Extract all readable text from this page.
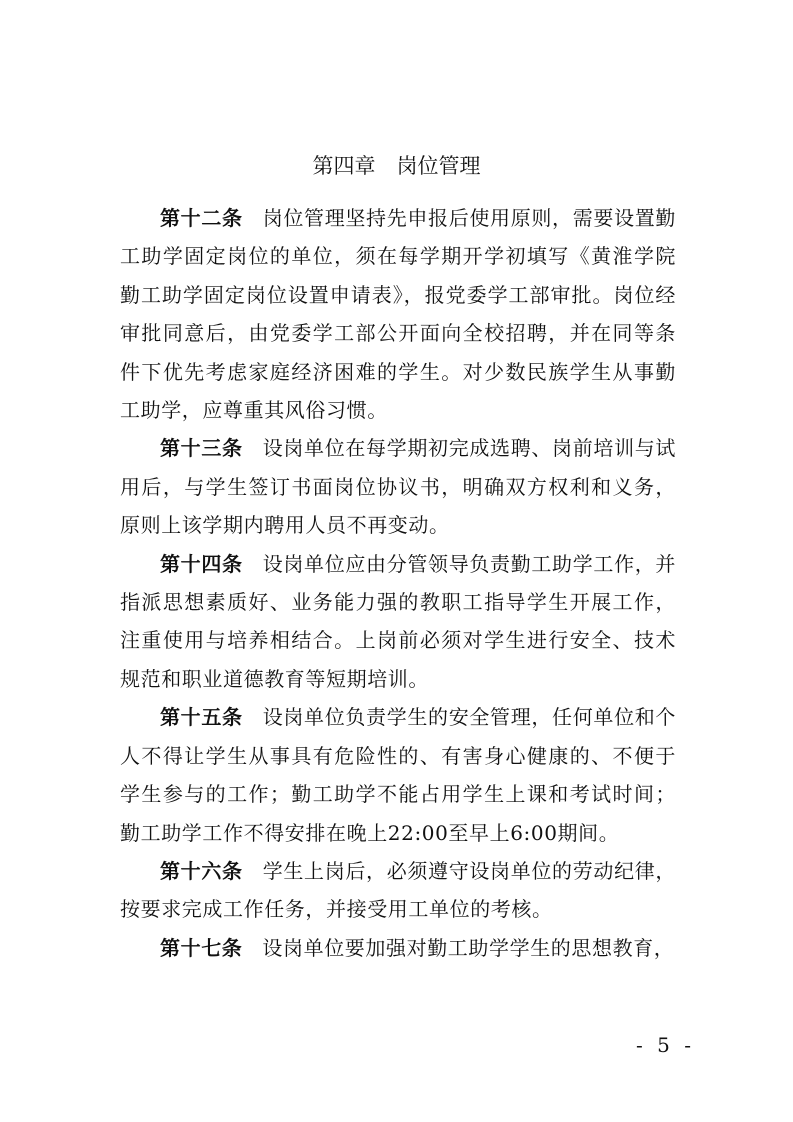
第四章　岗位管理

第十二条 岗位管理坚持先申报后使用原则，需要设置勤工助学固定岗位的单位，须在每学期开学初填写《黄淮学院勤工助学固定岗位设置申请表》，报党委学工部审批。岗位经审批同意后，由党委学工部公开面向全校招聘，并在同等条件下优先考虑家庭经济困难的学生。对少数民族学生从事勤工助学，应尊重其风俗习惯。

第十三条 设岗单位在每学期初完成选聘、岗前培训与试用后，与学生签订书面岗位协议书，明确双方权利和义务，原则上该学期内聘用人员不再变动。

第十四条 设岗单位应由分管领导负责勤工助学工作，并指派思想素质好、业务能力强的教职工指导学生开展工作，注重使用与培养相结合。上岗前必须对学生进行安全、技术规范和职业道德教育等短期培训。

第十五条 设岗单位负责学生的安全管理，任何单位和个人不得让学生从事具有危险性的、有害身心健康的、不便于学生参与的工作；勤工助学不能占用学生上课和考试时间；勤工助学工作不得安排在晚上22:00至早上6:00期间。

第十六条 学生上岗后，必须遵守设岗单位的劳动纪律，按要求完成工作任务，并接受用工单位的考核。

第十七条 设岗单位要加强对勤工助学学生的思想教育，

- 5 -
